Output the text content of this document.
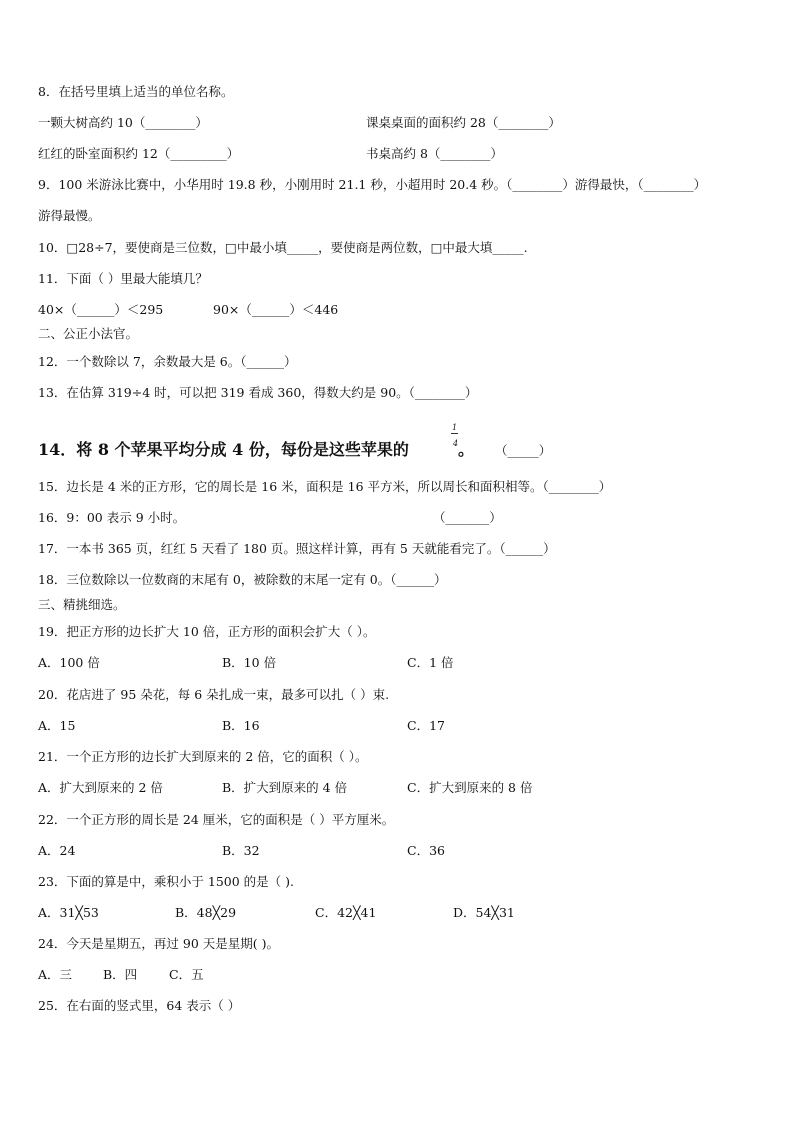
8．在括号里填上适当的单位名称。
一颗大树高约 10（________）	课桌桌面的面积约 28（________）
红红的卧室面积约 12（_________）	书桌高约 8（________）
9．100 米游泳比赛中，小华用时 19.8 秒，小刚用时 21.1 秒，小超用时 20.4 秒。（________）游得最快，（________）
游得最慢。
10．□28÷7，要使商是三位数，□中最小填_____，要使商是两位数，□中最大填_____.
11．下面（ ）里最大能填几？
40×（______）＜295	90×（______）＜446
二、公正小法官。
12．一个数除以 7，余数最大是 6。（______）
13．在估算 319÷4 时，可以把 319 看成 360，得数大约是 90。（________）
14．将 8 个苹果平均分成 4 份，每份是这些苹果的
1
4 。 （_____）
15．边长是 4 米的正方形，它的周长是 16 米，面积是 16 平方米，所以周长和面积相等。（________）
16．9：00 表示 9 小时。	（_______）
17．一本书 365 页，红红 5 天看了 180 页。照这样计算，再有 5 天就能看完了。（______）
18．三位数除以一位数商的末尾有 0，被除数的末尾一定有 0。（______）
三、精挑细选。
19．把正方形的边长扩大 10 倍，正方形的面积会扩大（ ）。
A．100 倍	B．10 倍	C．1 倍
20．花店进了 95 朵花，每 6 朵扎成一束，最多可以扎（ ）束.
A．15	B．16	C．17
21．一个正方形的边长扩大到原来的 2 倍，它的面积（ ）。
A．扩大到原来的 2 倍	B．扩大到原来的 4 倍	C．扩大到原来的 8 倍
22．一个正方形的周长是 24 厘米，它的面积是（ ）平方厘米。
A．24	B．32	C．36
23．下面的算是中，乘积小于 1500 的是（ ).
A．31╳53	B．48╳29	C．42╳41	D．54╳31
24．今天是星期五，再过 90 天是星期( )。
A．三 B．四	C．五
25．在右面的竖式里，64 表示（ ）
